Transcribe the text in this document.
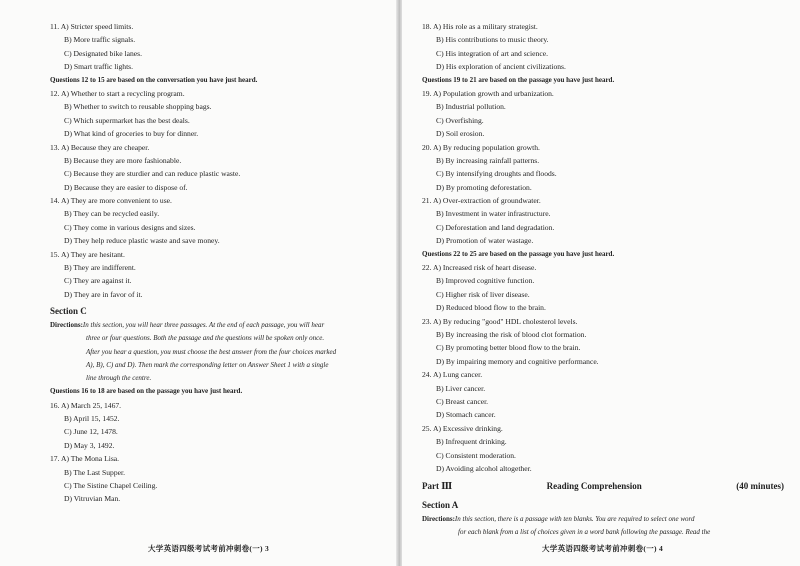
11. A) Stricter speed limits.
B) More traffic signals.
C) Designated bike lanes.
D) Smart traffic lights.
Questions 12 to 15 are based on the conversation you have just heard.
12. A) Whether to start a recycling program.
B) Whether to switch to reusable shopping bags.
C) Which supermarket has the best deals.
D) What kind of groceries to buy for dinner.
13. A) Because they are cheaper.
B) Because they are more fashionable.
C) Because they are sturdier and can reduce plastic waste.
D) Because they are easier to dispose of.
14. A) They are more convenient to use.
B) They can be recycled easily.
C) They come in various designs and sizes.
D) They help reduce plastic waste and save money.
15. A) They are hesitant.
B) They are indifferent.
C) They are against it.
D) They are in favor of it.
Section C
Directions:In this section, you will hear three passages. At the end of each passage, you will hear
three or four questions. Both the passage and the questions will be spoken only once.
After you hear a question, you must choose the best answer from the four choices marked
A), B), C) and D). Then mark the corresponding letter on Answer Sheet 1 with a single
line through the centre.
Questions 16 to 18 are based on the passage you have just heard.
16. A) March 25, 1467.
B) April 15, 1452.
C) June 12, 1478.
D) May 3, 1492.
17. A) The Mona Lisa.
B) The Last Supper.
C) The Sistine Chapel Ceiling.
D) Vitruvian Man.
大学英语四级考试考前冲刺卷(一) 3
18. A) His role as a military strategist.
B) His contributions to music theory.
C) His integration of art and science.
D) His exploration of ancient civilizations.
Questions 19 to 21 are based on the passage you have just heard.
19. A) Population growth and urbanization.
B) Industrial pollution.
C) Overfishing.
D) Soil erosion.
20. A) By reducing population growth.
B) By increasing rainfall patterns.
C) By intensifying droughts and floods.
D) By promoting deforestation.
21. A) Over-extraction of groundwater.
B) Investment in water infrastructure.
C) Deforestation and land degradation.
D) Promotion of water wastage.
Questions 22 to 25 are based on the passage you have just heard.
22. A) Increased risk of heart disease.
B) Improved cognitive function.
C) Higher risk of liver disease.
D) Reduced blood flow to the brain.
23. A) By reducing "good" HDL cholesterol levels.
B) By increasing the risk of blood clot formation.
C) By promoting better blood flow to the brain.
D) By impairing memory and cognitive performance.
24. A) Lung cancer.
B) Liver cancer.
C) Breast cancer.
D) Stomach cancer.
25. A) Excessive drinking.
B) Infrequent drinking.
C) Consistent moderation.
D) Avoiding alcohol altogether.
Part Ⅲ	Reading Comprehension	(40 minutes)
Section A
Directions:In this section, there is a passage with ten blanks. You are required to select one word
for each blank from a list of choices given in a word bank following the passage. Read the
大学英语四级考试考前冲刺卷(一) 4
